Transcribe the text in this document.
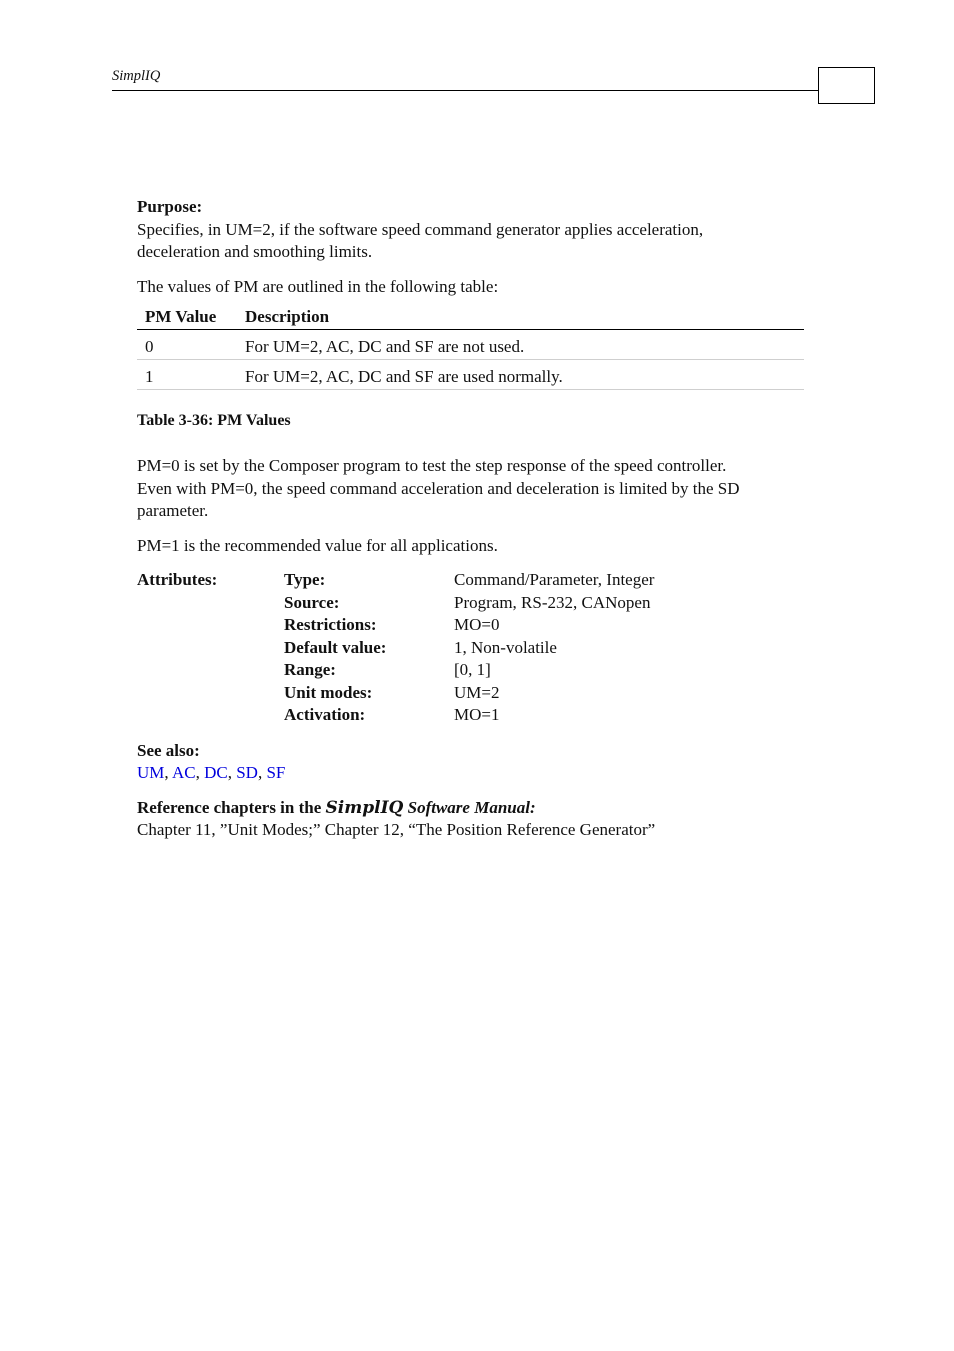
SimplIQ

Purpose:

Specifies, in UM=2, if the software speed command generator applies acceleration,

deceleration and smoothing limits.

The values of PM are outlined in the following table:

PM Value	Description
0	For UM=2, AC, DC and SF are not used.
1	For UM=2, AC, DC and SF are used normally.

Table 3-36: PM Values

PM=0 is set by the Composer program to test the step response of the speed controller.

Even with PM=0, the speed command acceleration and deceleration is limited by the SD

parameter.

PM=1 is the recommended value for all applications.

Attributes:	Type:	Command/Parameter, Integer
	Source:	Program, RS-232, CANopen
	Restrictions:	MO=0
	Default value:	1, Non-volatile
	Range:	[0, 1]
	Unit modes:	UM=2
	Activation:	MO=1

See also:

UM, AC, DC, SD, SF

Reference chapters in the SimplIQ Software Manual:

Chapter 11, ”Unit Modes;” Chapter 12, “The Position Reference Generator”
